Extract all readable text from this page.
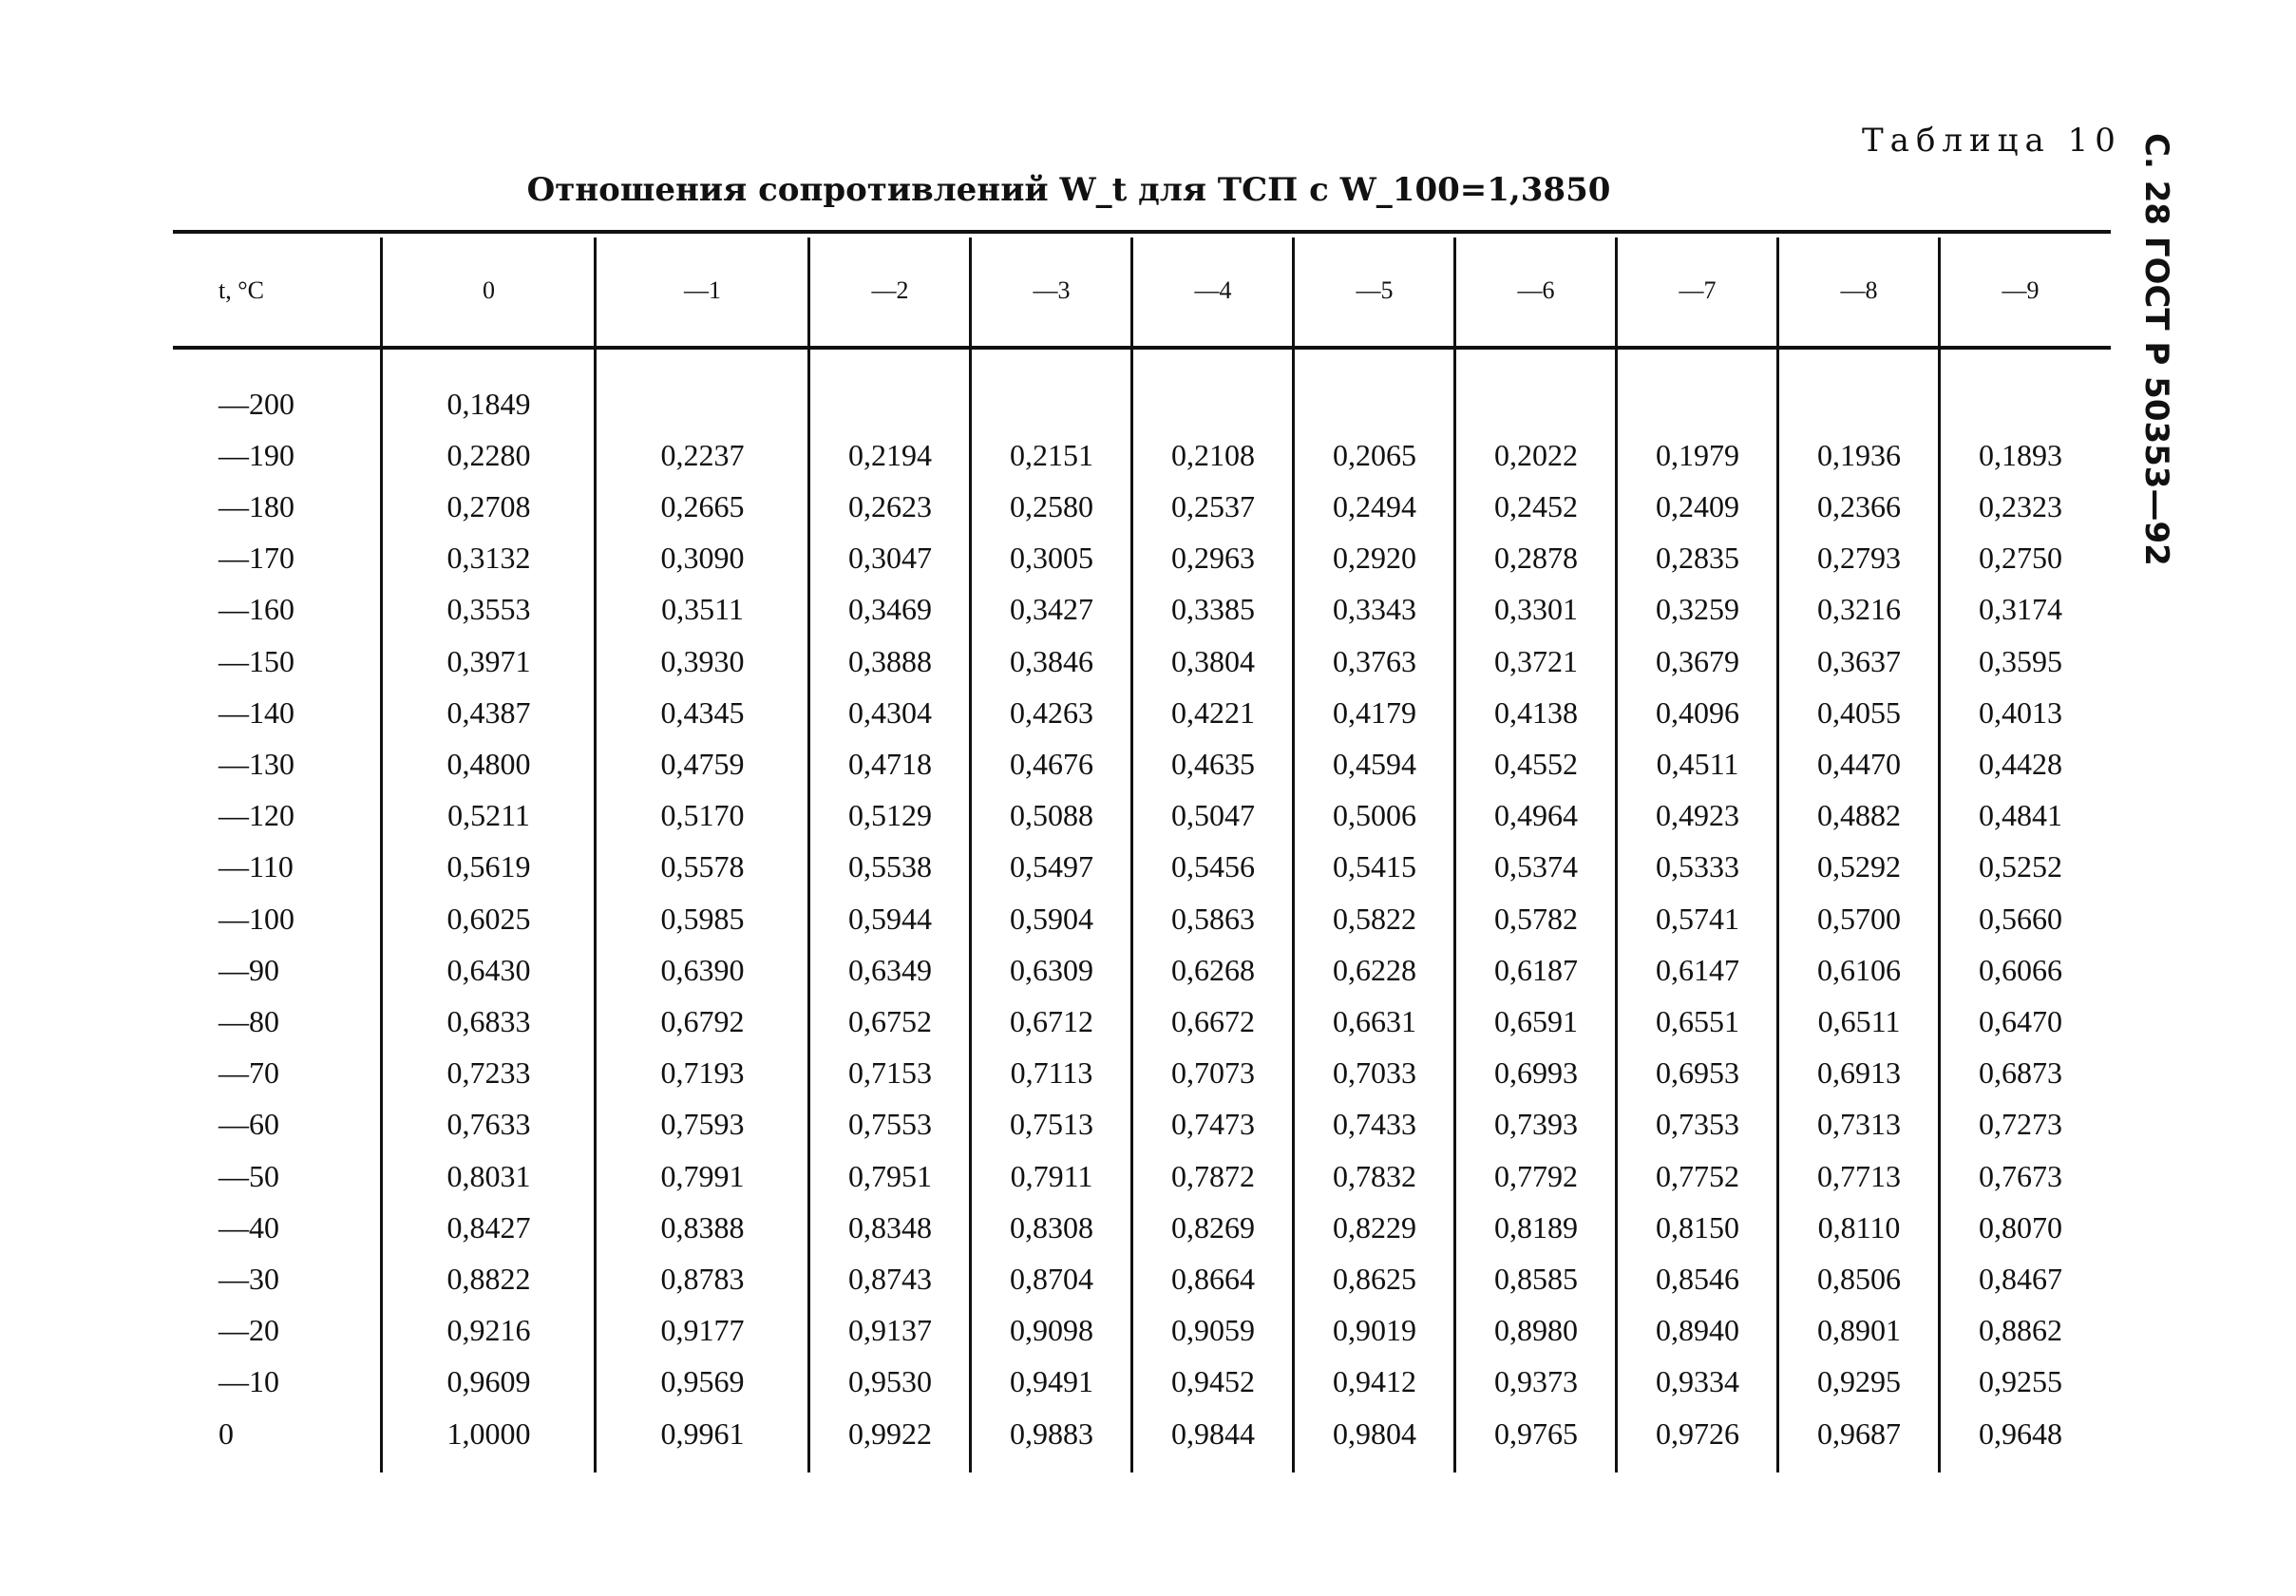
Таблица 10
Отношения сопротивлений W_t для ТСП с W_100=1,3850	С. 28 ГОСТ Р 50353—92
t, °C	0	—1	—2	—3	—4	—5	—6	—7	—8	—9
—200	0,1849
—190	0,2280	0,2237	0,2194	0,2151	0,2108	0,2065	0,2022	0,1979	0,1936	0,1893
—180	0,2708	0,2665	0,2623	0,2580	0,2537	0,2494	0,2452	0,2409	0,2366	0,2323
—170	0,3132	0,3090	0,3047	0,3005	0,2963	0,2920	0,2878	0,2835	0,2793	0,2750
—160	0,3553	0,3511	0,3469	0,3427	0,3385	0,3343	0,3301	0,3259	0,3216	0,3174
—150	0,3971	0,3930	0,3888	0,3846	0,3804	0,3763	0,3721	0,3679	0,3637	0,3595
—140	0,4387	0,4345	0,4304	0,4263	0,4221	0,4179	0,4138	0,4096	0,4055	0,4013
—130	0,4800	0,4759	0,4718	0,4676	0,4635	0,4594	0,4552	0,4511	0,4470	0,4428
—120	0,5211	0,5170	0,5129	0,5088	0,5047	0,5006	0,4964	0,4923	0,4882	0,4841
—110	0,5619	0,5578	0,5538	0,5497	0,5456	0,5415	0,5374	0,5333	0,5292	0,5252
—100	0,6025	0,5985	0,5944	0,5904	0,5863	0,5822	0,5782	0,5741	0,5700	0,5660
—90	0,6430	0,6390	0,6349	0,6309	0,6268	0,6228	0,6187	0,6147	0,6106	0,6066
—80	0,6833	0,6792	0,6752	0,6712	0,6672	0,6631	0,6591	0,6551	0,6511	0,6470
—70	0,7233	0,7193	0,7153	0,7113	0,7073	0,7033	0,6993	0,6953	0,6913	0,6873
—60	0,7633	0,7593	0,7553	0,7513	0,7473	0,7433	0,7393	0,7353	0,7313	0,7273
—50	0,8031	0,7991	0,7951	0,7911	0,7872	0,7832	0,7792	0,7752	0,7713	0,7673
—40	0,8427	0,8388	0,8348	0,8308	0,8269	0,8229	0,8189	0,8150	0,8110	0,8070
—30	0,8822	0,8783	0,8743	0,8704	0,8664	0,8625	0,8585	0,8546	0,8506	0,8467
—20	0,9216	0,9177	0,9137	0,9098	0,9059	0,9019	0,8980	0,8940	0,8901	0,8862
—10	0,9609	0,9569	0,9530	0,9491	0,9452	0,9412	0,9373	0,9334	0,9295	0,9255
0	1,0000	0,9961	0,9922	0,9883	0,9844	0,9804	0,9765	0,9726	0,9687	0,9648
